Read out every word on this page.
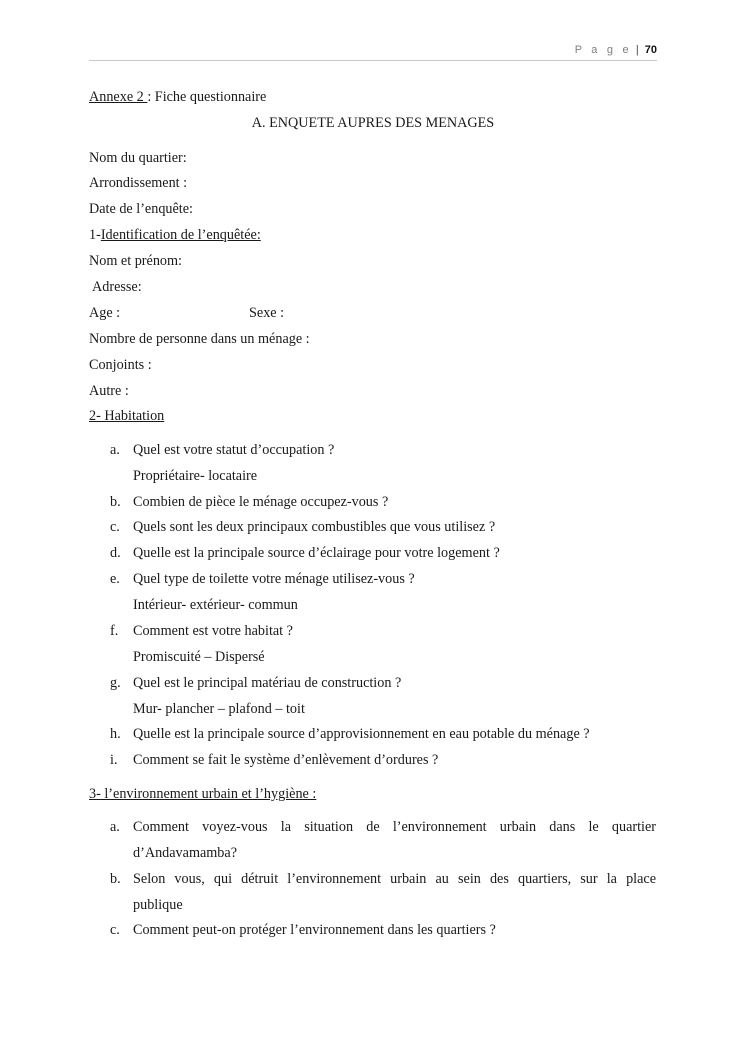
P a g e | 70
Annexe 2 : Fiche questionnaire
A. ENQUETE AUPRES DES MENAGES
Nom du quartier:
Arrondissement :
Date de l’enquête:
1-Identification de l’enquêtée:
Nom et prénom:
Adresse:
Age :	Sexe :
Nombre de personne dans un ménage :
Conjoints :
Autre :
2- Habitation
a. Quel est votre statut d’occupation ?
Propriétaire- locataire
b. Combien de pièce le ménage occupez-vous ?
c. Quels sont les deux principaux combustibles que vous utilisez ?
d. Quelle est la principale source d’éclairage pour votre logement ?
e. Quel type de toilette votre ménage utilisez-vous ?
Intérieur- extérieur- commun
f. Comment est votre habitat ?
Promiscuité – Dispersé
g. Quel est le principal matériau de construction ?
Mur- plancher – plafond – toit
h. Quelle est la principale source d’approvisionnement en eau potable du ménage ?
i. Comment se fait le système d’enlèvement d’ordures ?
3- l’environnement urbain et l’hygiène :
a. Comment voyez-vous la situation de l’environnement urbain dans le quartier
d’Andavamamba?
b. Selon vous, qui détruit l’environnement urbain au sein des quartiers, sur la place
publique
c. Comment peut-on protéger l’environnement dans les quartiers ?
